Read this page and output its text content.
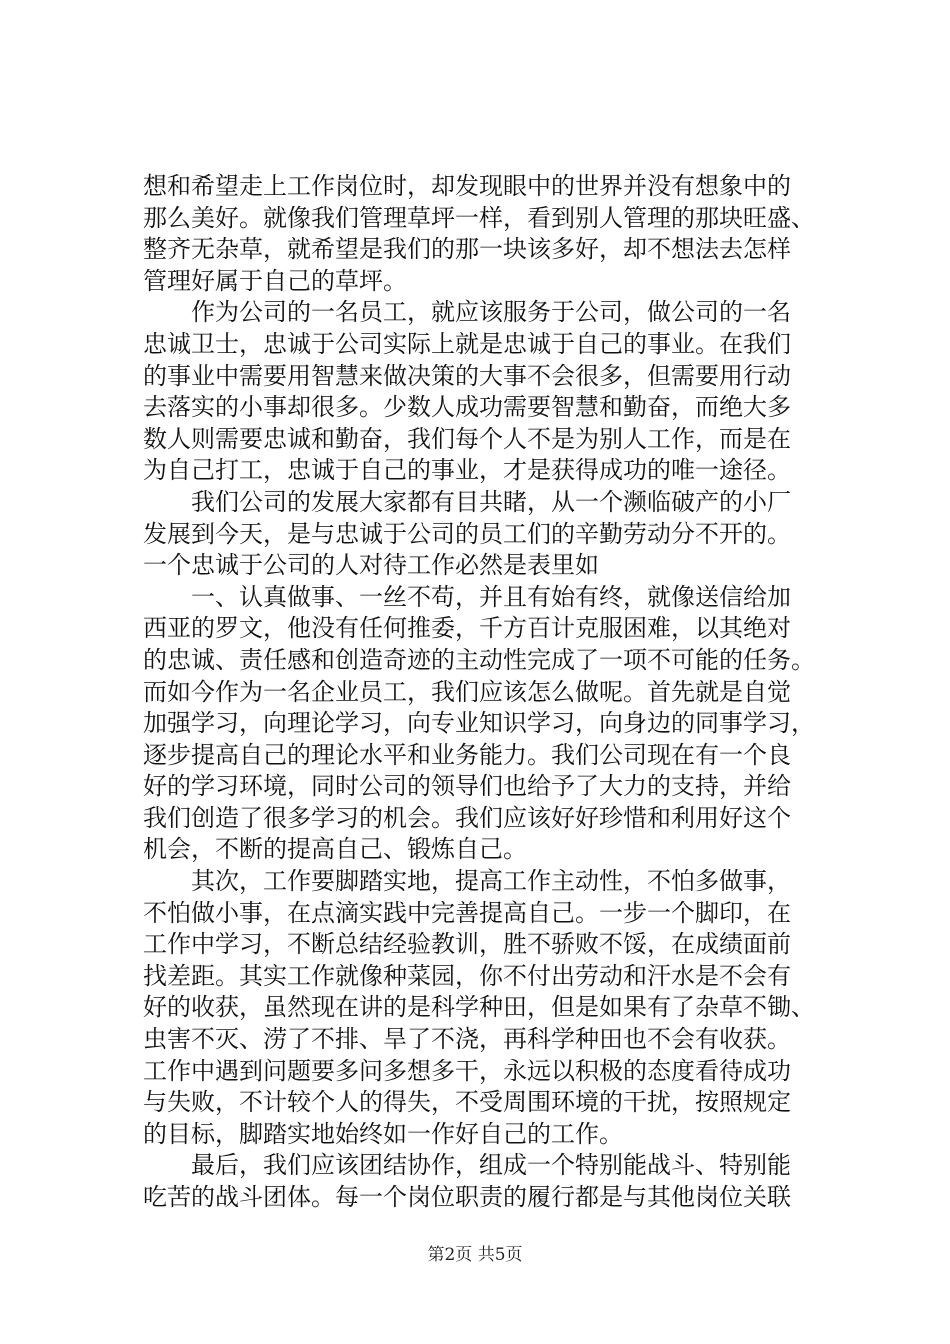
想和希望走上工作岗位时，却发现眼中的世界并没有想象中的
那么美好。就像我们管理草坪一样，看到别人管理的那块旺盛、
整齐无杂草，就希望是我们的那一块该多好，却不想法去怎样
管理好属于自己的草坪。
作为公司的一名员工，就应该服务于公司，做公司的一名
忠诚卫士，忠诚于公司实际上就是忠诚于自己的事业。在我们
的事业中需要用智慧来做决策的大事不会很多，但需要用行动
去落实的小事却很多。少数人成功需要智慧和勤奋，而绝大多
数人则需要忠诚和勤奋，我们每个人不是为别人工作，而是在
为自己打工，忠诚于自己的事业，才是获得成功的唯一途径。
我们公司的发展大家都有目共睹，从一个濒临破产的小厂
发展到今天，是与忠诚于公司的员工们的辛勤劳动分不开的。
一个忠诚于公司的人对待工作必然是表里如
一、认真做事、一丝不苟，并且有始有终，就像送信给加
西亚的罗文，他没有任何推委，千方百计克服困难，以其绝对
的忠诚、责任感和创造奇迹的主动性完成了一项不可能的任务。
而如今作为一名企业员工，我们应该怎么做呢。首先就是自觉
加强学习，向理论学习，向专业知识学习，向身边的同事学习，
逐步提高自己的理论水平和业务能力。我们公司现在有一个良
好的学习环境，同时公司的领导们也给予了大力的支持，并给
我们创造了很多学习的机会。我们应该好好珍惜和利用好这个
机会，不断的提高自己、锻炼自己。
其次，工作要脚踏实地，提高工作主动性，不怕多做事，
不怕做小事，在点滴实践中完善提高自己。一步一个脚印，在
工作中学习，不断总结经验教训，胜不骄败不馁，在成绩面前
找差距。其实工作就像种菜园，你不付出劳动和汗水是不会有
好的收获，虽然现在讲的是科学种田，但是如果有了杂草不锄、
虫害不灭、涝了不排、旱了不浇，再科学种田也不会有收获。
工作中遇到问题要多问多想多干，永远以积极的态度看待成功
与失败，不计较个人的得失，不受周围环境的干扰，按照规定
的目标，脚踏实地始终如一作好自己的工作。
最后，我们应该团结协作，组成一个特别能战斗、特别能
吃苦的战斗团体。每一个岗位职责的履行都是与其他岗位关联
第2页 共5页
